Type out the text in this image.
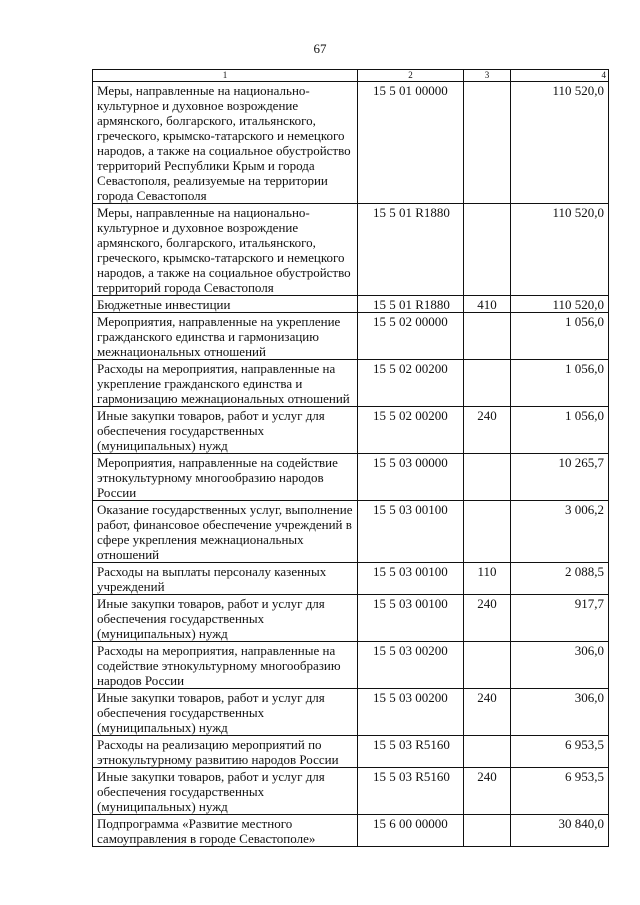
67
1	2	3	4
Меры, направленные на национально-культурное и духовное возрождение армянского, болгарского, итальянского, греческого, крымско-татарского и немецкого народов, а также на социальное обустройство территорий Республики Крым и города Севастополя, реализуемые на территории города Севастополя	15 5 01 00000		110 520,0
Меры, направленные на национально-культурное и духовное возрождение армянского, болгарского, итальянского, греческого, крымско-татарского и немецкого народов, а также на социальное обустройство территорий города Севастополя	15 5 01 R1880		110 520,0
Бюджетные инвестиции	15 5 01 R1880	410	110 520,0
Мероприятия, направленные на укрепление гражданского единства и гармонизацию межнациональных отношений	15 5 02 00000		1 056,0
Расходы на мероприятия, направленные на укрепление гражданского единства и гармонизацию межнациональных отношений	15 5 02 00200		1 056,0
Иные закупки товаров, работ и услуг для обеспечения государственных (муниципальных) нужд	15 5 02 00200	240	1 056,0
Мероприятия, направленные на содействие этнокультурному многообразию народов России	15 5 03 00000		10 265,7
Оказание государственных услуг, выполнение работ, финансовое обеспечение учреждений в сфере укрепления межнациональных отношений	15 5 03 00100		3 006,2
Расходы на выплаты персоналу казенных учреждений	15 5 03 00100	110	2 088,5
Иные закупки товаров, работ и услуг для обеспечения государственных (муниципальных) нужд	15 5 03 00100	240	917,7
Расходы на мероприятия, направленные на содействие этнокультурному многообразию народов России	15 5 03 00200		306,0
Иные закупки товаров, работ и услуг для обеспечения государственных (муниципальных) нужд	15 5 03 00200	240	306,0
Расходы на реализацию мероприятий по этнокультурному развитию народов России	15 5 03 R5160		6 953,5
Иные закупки товаров, работ и услуг для обеспечения государственных (муниципальных) нужд	15 5 03 R5160	240	6 953,5
Подпрограмма «Развитие местного самоуправления в городе Севастополе»	15 6 00 00000		30 840,0
